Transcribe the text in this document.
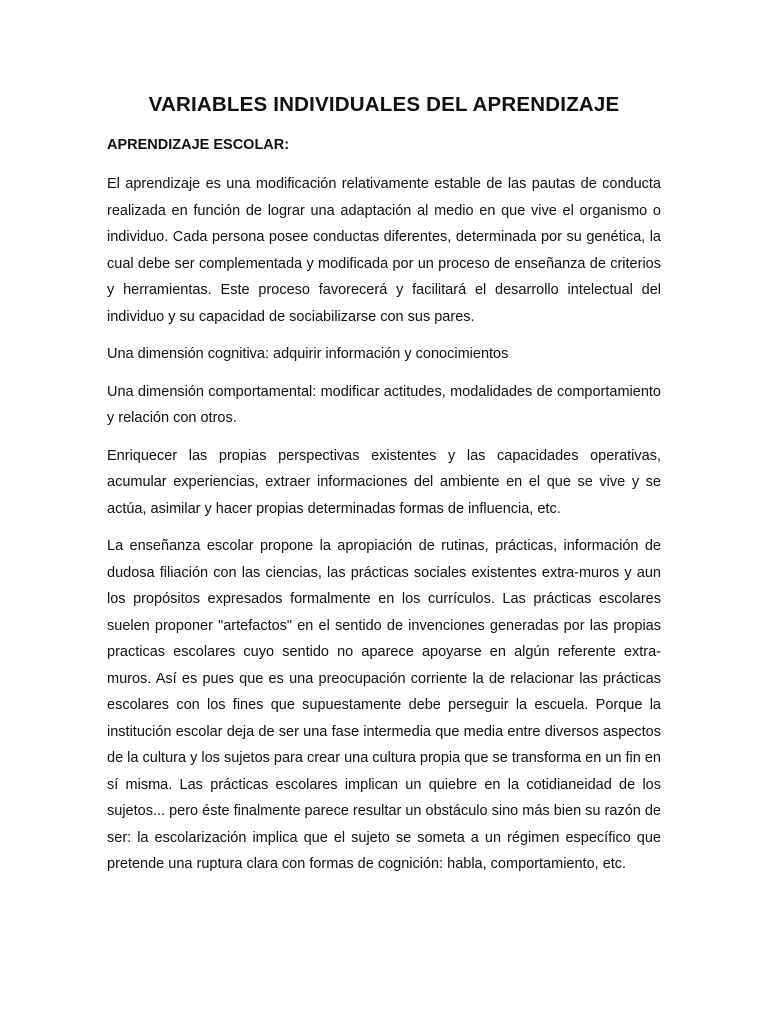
VARIABLES INDIVIDUALES DEL APRENDIZAJE
APRENDIZAJE ESCOLAR:

El aprendizaje es una modificación relativamente estable de las pautas de conducta realizada en función de lograr una adaptación al medio en que vive el organismo o individuo. Cada persona posee conductas diferentes, determinada por su genética, la cual debe ser complementada y modificada por un proceso de enseñanza de criterios y herramientas. Este proceso favorecerá y facilitará el desarrollo intelectual del individuo y su capacidad de sociabilizarse con sus pares.

Una dimensión cognitiva: adquirir información y conocimientos

Una dimensión comportamental: modificar actitudes, modalidades de comportamiento y relación con otros.

Enriquecer las propias perspectivas existentes y las capacidades operativas, acumular experiencias, extraer informaciones del ambiente en el que se vive y se actúa, asimilar y hacer propias determinadas formas de influencia, etc.

La enseñanza escolar propone la apropiación de rutinas, prácticas, información de dudosa filiación con las ciencias, las prácticas sociales existentes extra-muros y aun los propósitos expresados formalmente en los currículos. Las prácticas escolares suelen proponer "artefactos" en el sentido de invenciones generadas por las propias practicas escolares cuyo sentido no aparece apoyarse en algún referente extra-muros. Así es pues que es una preocupación corriente la de relacionar las prácticas escolares con los fines que supuestamente debe perseguir la escuela. Porque la institución escolar deja de ser una fase intermedia que media entre diversos aspectos de la cultura y los sujetos para crear una cultura propia que se transforma en un fin en sí misma. Las prácticas escolares implican un quiebre en la cotidianeidad de los sujetos... pero éste finalmente parece resultar un obstáculo sino más bien su razón de ser: la escolarización implica que el sujeto se someta a un régimen específico que pretende una ruptura clara con formas de cognición: habla, comportamiento, etc.
